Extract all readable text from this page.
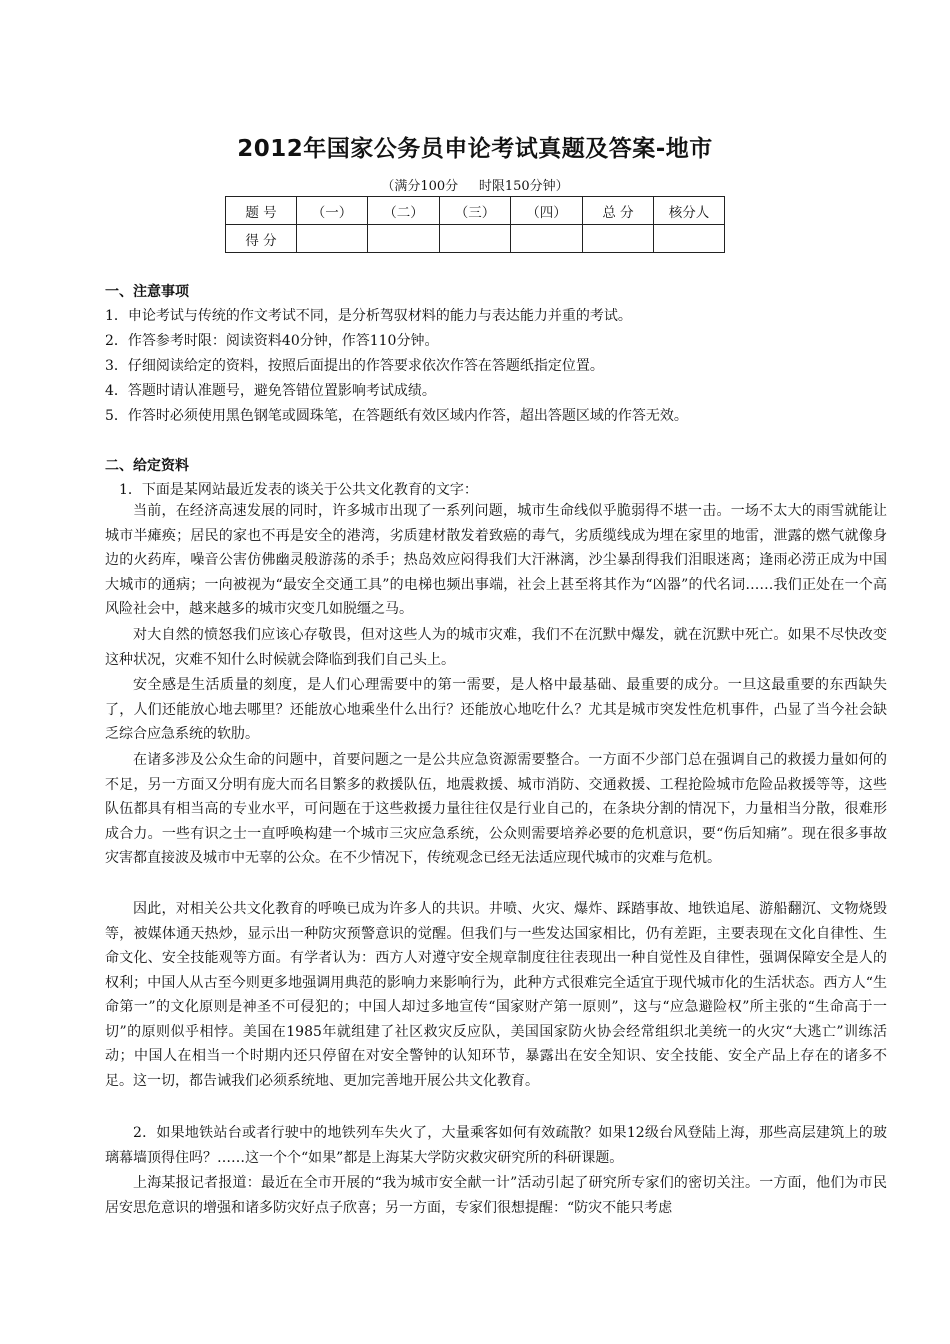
2012年国家公务员申论考试真题及答案-地市
（满分100分     时限150分钟）
题 号	（一）	（二）	（三）	（四）	总 分	核分人
得 分						
一、注意事项
1．申论考试与传统的作文考试不同，是分析驾驭材料的能力与表达能力并重的考试。
2．作答参考时限：阅读资料40分钟，作答110分钟。
3．仔细阅读给定的资料，按照后面提出的作答要求依次作答在答题纸指定位置。
4．答题时请认准题号，避免答错位置影响考试成绩。
5．作答时必须使用黑色钢笔或圆珠笔，在答题纸有效区域内作答，超出答题区域的作答无效。
二、给定资料
1．下面是某网站最近发表的谈关于公共文化教育的文字：

当前，在经济高速发展的同时，许多城市出现了一系列问题，城市生命线似乎脆弱得不堪一击。一场不太大的雨雪就能让城市半瘫痪；居民的家也不再是安全的港湾，劣质建材散发着致癌的毒气，劣质缆线成为埋在家里的地雷，泄露的燃气就像身边的火药库，噪音公害仿佛幽灵般游荡的杀手；热岛效应闷得我们大汗淋漓，沙尘暴刮得我们泪眼迷离；逢雨必涝正成为中国大城市的通病；一向被视为“最安全交通工具”的电梯也频出事端，社会上甚至将其作为“凶器”的代名词……我们正处在一个高风险社会中，越来越多的城市灾变几如脱缰之马。

对大自然的愤怒我们应该心存敬畏，但对这些人为的城市灾难，我们不在沉默中爆发，就在沉默中死亡。如果不尽快改变这种状况，灾难不知什么时候就会降临到我们自己头上。

安全感是生活质量的刻度，是人们心理需要中的第一需要，是人格中最基础、最重要的成分。一旦这最重要的东西缺失了，人们还能放心地去哪里？还能放心地乘坐什么出行？还能放心地吃什么？尤其是城市突发性危机事件，凸显了当今社会缺乏综合应急系统的软肋。

在诸多涉及公众生命的问题中，首要问题之一是公共应急资源需要整合。一方面不少部门总在强调自己的救援力量如何的不足，另一方面又分明有庞大而名目繁多的救援队伍，地震救援、城市消防、交通救援、工程抢险城市危险品救援等等，这些队伍都具有相当高的专业水平，可问题在于这些救援力量往往仅是行业自己的，在条块分割的情况下，力量相当分散，很难形成合力。一些有识之士一直呼唤构建一个城市三灾应急系统，公众则需要培养必要的危机意识，要“伤后知痛”。现在很多事故灾害都直接波及城市中无辜的公众。在不少情况下，传统观念已经无法适应现代城市的灾难与危机。

因此，对相关公共文化教育的呼唤已成为许多人的共识。井喷、火灾、爆炸、踩踏事故、地铁追尾、游船翻沉、文物烧毁等，被媒体通天热炒，显示出一种防灾预警意识的觉醒。但我们与一些发达国家相比，仍有差距，主要表现在文化自律性、生命文化、安全技能观等方面。有学者认为：西方人对遵守安全规章制度往往表现出一种自觉性及自律性，强调保障安全是人的权利；中国人从古至今则更多地强调用典范的影响力来影响行为，此种方式很难完全适宜于现代城市化的生活状态。西方人“生命第一”的文化原则是神圣不可侵犯的；中国人却过多地宣传“国家财产第一原则”，这与“应急避险权”所主张的“生命高于一切”的原则似乎相悖。美国在1985年就组建了社区救灾反应队，美国国家防火协会经常组织北美统一的火灾“大逃亡”训练活动；中国人在相当一个时期内还只停留在对安全警钟的认知环节，暴露出在安全知识、安全技能、安全产品上存在的诸多不足。这一切，都告诫我们必须系统地、更加完善地开展公共文化教育。

2．如果地铁站台或者行驶中的地铁列车失火了，大量乘客如何有效疏散？如果12级台风登陆上海，那些高层建筑上的玻璃幕墙顶得住吗？……这一个个“如果”都是上海某大学防灾救灾研究所的科研课题。

上海某报记者报道：最近在全市开展的“我为城市安全献一计”活动引起了研究所专家们的密切关注。一方面，他们为市民居安思危意识的增强和诸多防灾好点子欣喜；另一方面，专家们很想提醒：“防灾不能只考虑
